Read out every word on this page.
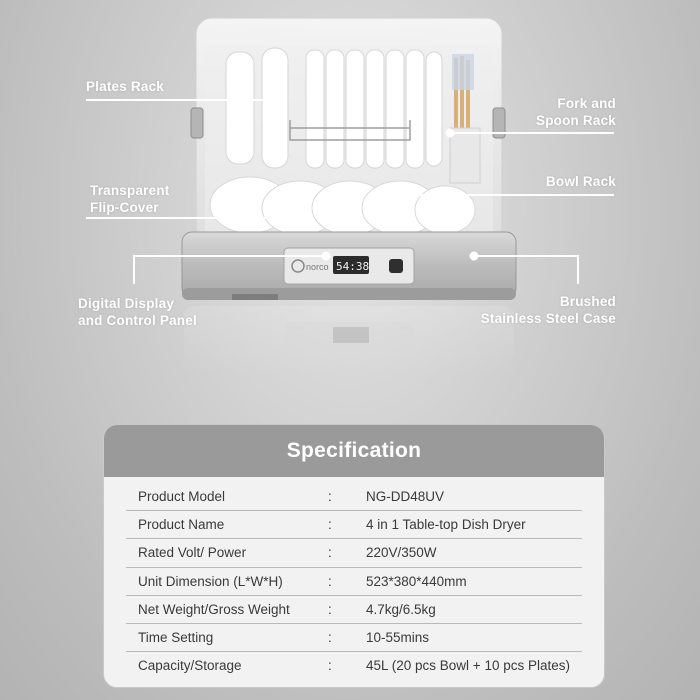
norco 54:38
Plates Rack
Fork and
Spoon Rack
Transparent
Flip-Cover
Bowl Rack
Digital Display
and Control Panel
Brushed
Stainless Steel Case
Specification
Product Model	:	NG-DD48UV
Product Name	:	4 in 1 Table-top Dish Dryer
Rated Volt/ Power	:	220V/350W
Unit Dimension (L*W*H)	:	523*380*440mm
Net Weight/Gross Weight	:	4.7kg/6.5kg
Time Setting	:	10-55mins
Capacity/Storage	:	45L (20 pcs Bowl + 10 pcs Plates)
